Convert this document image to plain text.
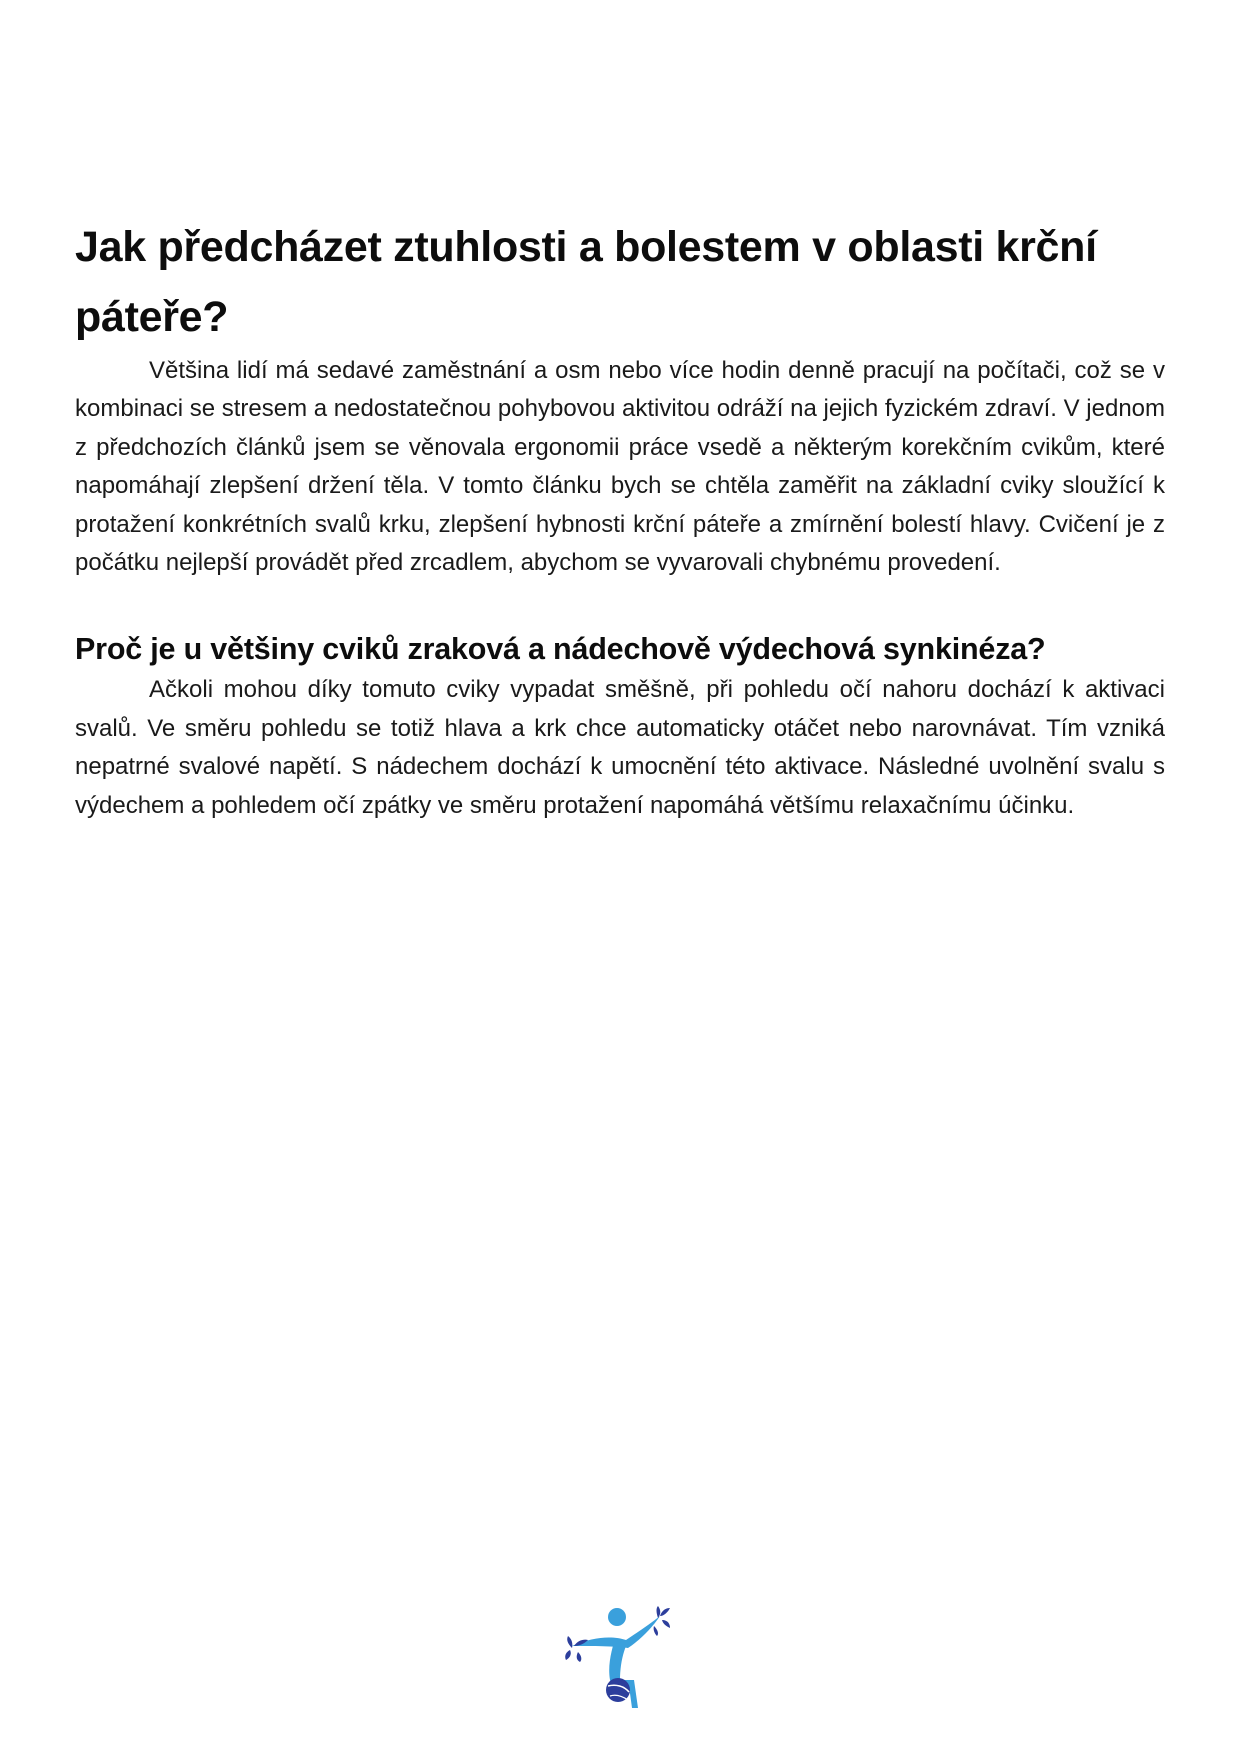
Jak předcházet ztuhlosti a bolestem v oblasti krční páteře?

Většina lidí má sedavé zaměstnání a osm nebo více hodin denně pracují na počítači, což se v kombinaci se stresem a nedostatečnou pohybovou aktivitou odráží na jejich fyzickém zdraví. V jednom z předchozích článků jsem se věnovala ergonomii práce vsedě a některým korekčním cvikům, které napomáhají zlepšení držení těla. V tomto článku bych se chtěla zaměřit na základní cviky sloužící k protažení konkrétních svalů krku, zlepšení hybnosti krční páteře a zmírnění bolestí hlavy. Cvičení je z počátku nejlepší provádět před zrcadlem, abychom se vyvarovali chybnému provedení.

Proč je u většiny cviků zraková a nádechově výdechová synkinéza?

Ačkoli mohou díky tomuto cviky vypadat směšně, při pohledu očí nahoru dochází k aktivaci svalů. Ve směru pohledu se totiž hlava a krk chce automaticky otáčet nebo narovnávat. Tím vzniká nepatrné svalové napětí. S nádechem dochází k umocnění této aktivace. Následné uvolnění svalu s výdechem a pohledem očí zpátky ve směru protažení napomáhá většímu relaxačnímu účinku.
